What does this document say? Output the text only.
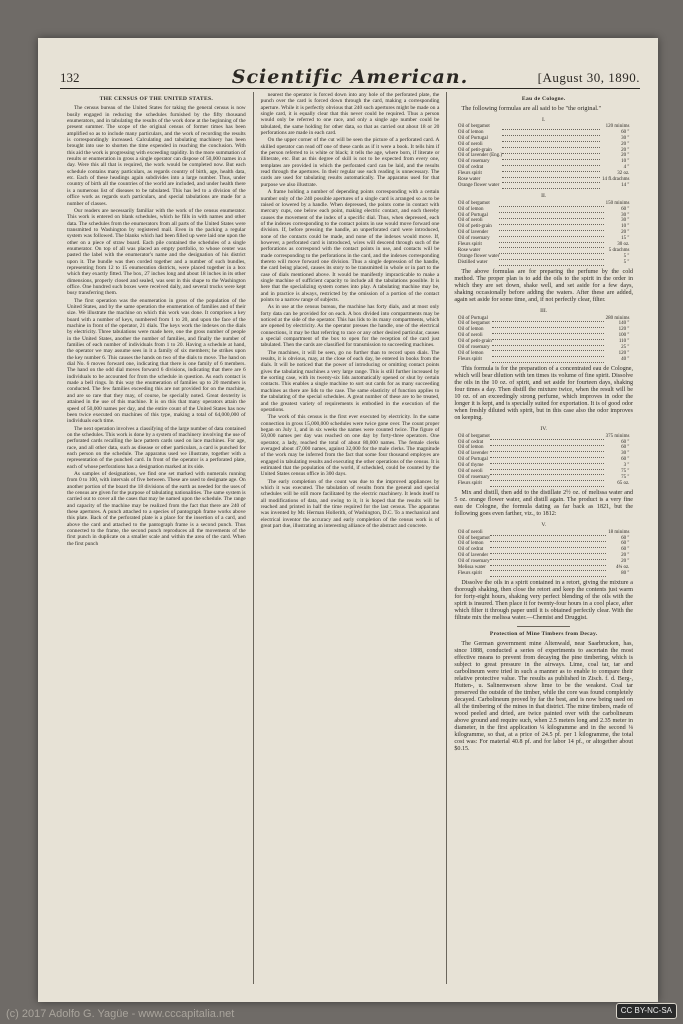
132	Scientific American.	[August 30, 1890.
THE CENSUS OF THE UNITED STATES.

The census bureau of the United States for taking the general census is now busily engaged in reducing the schedules furnished by the fifty thousand enumerators, and in tabulating the results of the work done at the beginning of the present summer. The scope of the original census of former times has been amplified so as to include many particulars, and the work of recording the results is correspondingly increased. Calculating and tabulating machinery has been brought into use to shorten the time expended in reaching the conclusion. With this aid the work is progressing with exceeding rapidity. In the more summation of results or enumeration in gross a single operator can dispose of 50,000 names in a day. Were this all that is required, the work would be completed now. But each schedule contains many particulars, as regards country of birth, age, health data, etc. Each of these headings again subdivides into a large number. Thus, under country of birth all the countries of the world are included, and under health there is a numerous list of diseases to be tabulated. This has led to a division of the office work as regards such particulars, and special tabulations are made for a number of classes.

Our readers are necessarily familiar with the work of the census enumerator. This work is entered on blank schedules, which he fills in with names and other data. The schedules from the enumerators from all parts of the United States were transmitted to Washington by registered mail. Even in the packing a regular system was followed. The blanks which had been filled up were laid one upon the other on a piece of straw board. Each pile contained the schedules of a single enumerator. On top of all was placed an empty portfolio, to whose center was pasted the label with the enumerator's name and the designation of his district upon it. The bundle was then corded together and a number of such bundles, representing from 12 to 15 enumeration districts, were placed together in a box which they exactly fitted. The box, 27 inches long and about 18 inches in its other dimensions, properly closed and sealed, was sent in this shape to the Washington office. One hundred such boxes were received daily, and several trucks were kept busy transferring them.

The first operation was the enumeration in gross of the population of the United States, and by the same operation the enumeration of families and of their size. We illustrate the machine on which this work was done. It comprises a key board with a number of keys, numbered from 1 to 20, and upon the face of the machine in front of the operator, 21 dials. The keys work the indexes on the dials by electricity. Three tabulations were made here, one the gross number of people in the United States, another the number of families, and finally the number of families of each number of individuals from 1 to 20. Having a schedule at hand, the operator we may assume sees in it a family of six members; he strikes upon the key number 6. This causes the hands on two of the dials to move. The hand on dial No. 6 moves forward one, indicating that there is one family of 6 members. The hand on the odd dial moves forward 6 divisions, indicating that there are 6 individuals to be accounted for from the schedule in question. As each contact is made a bell rings. In this way the enumeration of families up to 20 members is conducted. The few families exceeding this are not provided for on the machine, and are so rare that they may, of course, be specially noted. Great dexterity is attained in the use of this machine. It is on this that many operators attain the speed of 50,000 names per day, and the entire count of the United States has now been twice executed on machines of this type, making a total of 64,000,000 of individuals each time.

The next operation involves a classifying of the large number of data contained on the schedules. This work is done by a system of machinery involving the use of perforated cards recalling the lace pattern cards used on lace machines. For age, race, and all other data, such as disease or other particulars, a card is punched for each person on the schedule. The apparatus used we illustrate, together with a representation of the punched card. In front of the operator is a perforated plate, each of whose perforations has a designation marked at its side.

As samples of designations, we find one set marked with numerals running from 0 to 100, with intervals of five between. These are used to designate age. On another portion of the board the 18 divisions of the earth as needed for the uses of the census are given for the purpose of tabulating nationalities. The same system is carried out to cover all the cases that may be named upon the schedule. The range and capacity of the machine may be realized from the fact that there are 240 of these apertures. A punch attached to a species of pantograph frame works above this plate. Back of the perforated plate is a place for the insertion of a card, and above the card and attached to the pantograph frame is a second punch. Thus connected to the frame, the second punch reproduces all the movements of the first punch in duplicate on a smaller scale and within the area of the card. When the first punch

nearest the operator is forced down into any hole of the perforated plate, the punch over the card is forced down through the card, making a corresponding aperture. While it is perfectly obvious that 240 such apertures might be made on a single card, it is equally clear that this never could be required. Thus a person would only be referred to one race, and only a single age number could be tabulated, the same holding for other data, so that as carried out about 18 or 20 perforations are made in each card.

On the upper corner of the cut will be seen the picture of a perforated card. A skilled operator can read off one of these cards as if it were a book. It tells him if the person referred to is white or black; it tells the age, where born, if literate or illiterate, etc. But as this degree of skill is not to be expected from every one, templates are provided in which the perforated card can be laid, and the results read through the apertures. In their regular use such reading is unnecessary. The cards are used for tabulating results automatically. The apparatus used for that purpose we also illustrate.

A frame holding a number of depending points corresponding with a certain number only of the 240 possible apertures of a single card is arranged so as to be raised or lowered by a handle. When depressed, the points come in contact with mercury cups, one below each point, making electric contact, and each thereby causes the movement of the index of a specific dial. Thus, when depressed, each of the indexes corresponding to the contact points in use would move forward one division. If, before pressing the handle, an unperforated card were introduced, none of the contacts could be made, and none of the indexes would move. If, however, a perforated card is introduced, wires will descend through such of the perforations as correspond with the contact points in use, and contacts will be made corresponding to the perforations in the card, and the indexes corresponding thereto will move forward one division. Thus a single depression of the handle, the card being placed, causes its story to be transmitted in whole or in part to the case of dials mentioned above. It would be manifestly impracticable to make a single machine of sufficient capacity to include all the tabulations possible. It is here that the specializing system comes into play. A tabulating machine may be, and in practice is always, restricted by the omission of a portion of the contact points to a narrow range of subjects.

As in use at the census bureau, the machine has forty dials, and at most only forty data can be provided for on each. A box divided into compartments may be noticed at the side of the operator. This has lids to its many compartments, which are opened by electricity. As the operator presses the handle, one of the electrical connections, it may be that referring to race or any other desired particular, causes a special compartment of the box to open for the reception of the card just tabulated. Then the cards are classified for transmission to succeeding machines.

The machines, it will be seen, go no further than to record upon dials. The results, it is obvious, may, at the close of each day, be entered in books from the dials. It will be noticed that the power of introducing or omitting contact points gives the tabulating machines a very large range. This is still further increased by the sorting case, with its twenty-six lids automatically opened or shut by certain contacts. This enables a single machine to sort out cards for as many succeeding machines as there are lids to the case. The same elasticity of function applies to the tabulating of the special schedules. A great number of these are to be treated, and the greatest variety of requirements is embodied in the execution of the operations.

The work of this census is the first ever executed by electricity. In the same connection in gross 15,000,000 schedules were twice gone over. The count proper began on July 1, and in six weeks the names were counted twice. The figure of 50,000 names per day was reached on one day by forty-three operators. One operator, a lady, reached the total of about 80,000 names. The female clerks averaged about 47,000 names, against 32,000 for the male clerks. The magnitude of the work may be inferred from the fact that some four thousand employes are engaged in tabulating results and executing the other operations of the census. It is estimated that the population of the world, if scheduled, could be counted by the United States census office in 300 days.

The early completion of the count was due to the improved appliances by which it was executed. The tabulation of results from the general and special schedules will be still more facilitated by the electric machinery. It lends itself to all modifications of data, and owing to it, it is hoped that the results will be reached and printed in half the time required for the last census. The apparatus was invented by Mr. Herman Hollerith, of Washington, D.C. To a mechanical and electrical inventor the accuracy and early completion of the census work is of great part due, illustrating an interesting alliance of the abstract and concrete.

Eau de Cologne.

The following formulas are all said to be "the original."

I.
Oil of bergamot		120 minims
Oil of lemon		60 "
Oil of Portugal		30 "
Oil of neroli		20 "
Oil of petit-grain		20 "
Oil of lavender (Eng.)		20 "
Oil of rosemary		10 "
Oil of cedrat		4 "
Fleurs spirit		32 oz.
Rose water		14 fl.drachms
Orange flower water		14 "
II.
Oil of bergamot		150 minims
Oil of lemon		60 "
Oil of Portugal		30 "
Oil of neroli		30 "
Oil of petit-grain		10 "
Oil of lavender		20 "
Oil of rosemary		15 "
Fleurs spirit		30 oz.
Rose water		5 drachms
Orange flower water		5 "
Distilled water		5 "

The above formulas are for preparing the perfume by the cold method. The proper plan is to add the oils to the spirit in the order in which they are set down, shake well, and set aside for a few days, shaking occasionally before adding the waters. After these are added, again set aside for some time, and, if not perfectly clear, filter.

III.
Oil of Portugal		280 minims
Oil of bergamot		140 "
Oil of lemon		120 "
Oil of neroli		100 "
Oil of petit-grain		110 "
Oil of rosemary		25 "
Oil of lemon		120 "
Fleurs spirit		40 "

This formula is for the preparation of a concentrated eau de Cologne, which will bear dilution with ten times its volume of fine spirit. Dissolve the oils in the 10 oz. of spirit, and set aside for fourteen days, shaking four times a day. Then distill the mixture twice, when the result will be 10 oz. of an exceedingly strong perfume, which improves in odor the longer it is kept, and is specially suited for exportation. It is of good odor when freshly diluted with spirit, but in this case also the odor improves on keeping.

IV.
Oil of bergamot		375 minims
Oil of cedrat		60 "
Oil of lemon		60 "
Oil of lavender		30 "
Oil of Portugal		60 "
Oil of thyme		3 "
Oil of neroli		75 "
Oil of rosemary		75 "
Fleurs spirit		65 oz.

Mix and distill, then add to the distillate 2½ oz. of melissa water and 5 oz. orange flower water, and distill again. The product is a very fine eau de Cologne, the formula dating as far back as 1821, but the following goes even farther, viz., to 1812:

V.
Oil of neroli		18 minims
Oil of bergamot		60 "
Oil of lemon		60 "
Oil of cedrat		60 "
Oil of lavender		20 "
Oil of rosemary		20 "
Melissa water		4¾ oz.
Fleurs spirit		80 "

Dissolve the oils in a spirit contained in a retort, giving the mixture a thorough shaking, then close the retort and keep the contents just warm for forty-eight hours, shaking very perfect blending of the oils with the spirit is insured. Then place it for twenty-four hours in a cool place, after which filter it through paper until it is obtained perfectly clear. With the filtrate mix the melissa water.—Chemist and Druggist.

Protection of Mine Timbers from Decay.

The German government mine Altenwald, near Saarbrucken, has, since 1888, conducted a series of experiments to ascertain the most effective means to prevent from decaying the pine timbering, which is subject to great pressure in the airways. Lime, coal tar, tar and carbolineum were tried in such a manner as to enable to compare their relative protective value. The results as published in Zisch. f. d. Berg-, Hutten-, u. Salinenwesen show lime to be the weakest. Coal tar preserved the outside of the timber, while the core was found completely decayed. Carbolineum proved by far the best, and is now being used on all the timbering of the mines in that district. The mine timbers, made of wood peeled and dried, are twice painted over with the carbolineum above ground and require such, when 2.5 meters long and 2.35 meter in diameter, in the first application ¼ kilogramme and in the second ⅛ kilogramme, so that, at a price of 24.5 pf. per 1 kilogramme, the total cost was: For material 40.8 pf. and for labor 14 pf., or altogether about $0.15.

(c) 2017 Adolfo G. Yagüe - www.cccapitalia.net	CC BY-NC-SA
